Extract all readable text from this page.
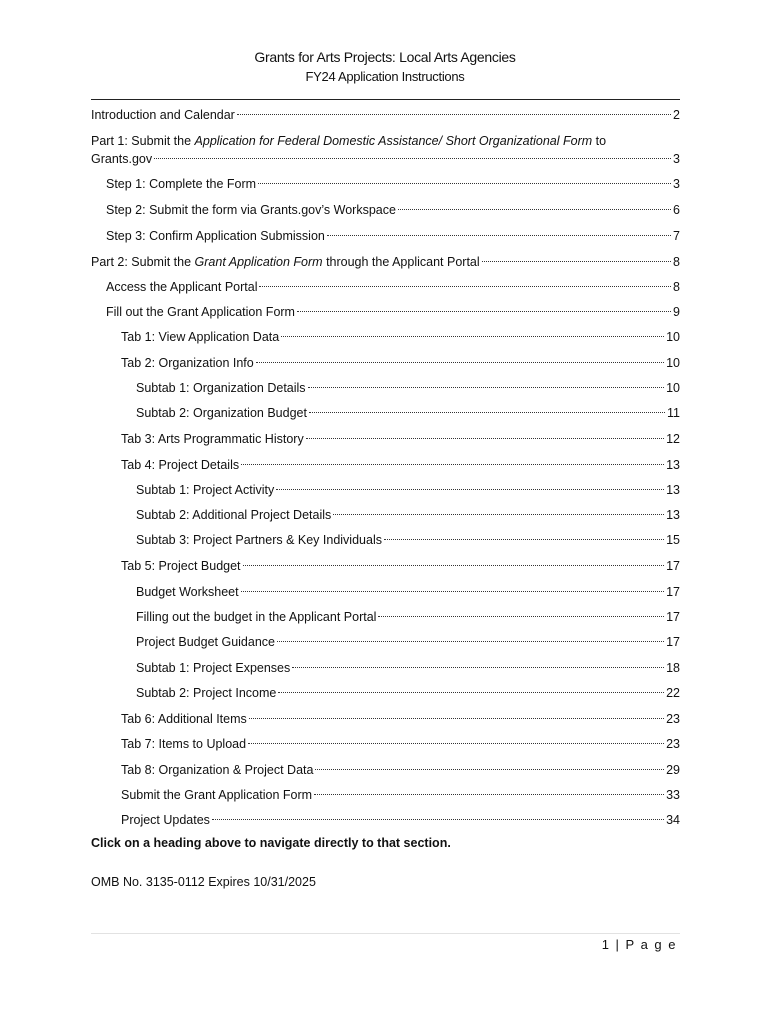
Grants for Arts Projects: Local Arts Agencies
FY24 Application Instructions
Introduction and Calendar	2
Part 1: Submit the Application for Federal Domestic Assistance/ Short Organizational Form to
Grants.gov	3
Step 1: Complete the Form	3
Step 2: Submit the form via Grants.gov’s Workspace	6
Step 3: Confirm Application Submission	7
Part 2: Submit the Grant Application Form through the Applicant Portal	8
Access the Applicant Portal	8
Fill out the Grant Application Form	9
Tab 1: View Application Data	10
Tab 2: Organization Info	10
Subtab 1: Organization Details	10
Subtab 2: Organization Budget	11
Tab 3: Arts Programmatic History	12
Tab 4: Project Details	13
Subtab 1: Project Activity	13
Subtab 2: Additional Project Details	13
Subtab 3: Project Partners & Key Individuals	15
Tab 5: Project Budget	17
Budget Worksheet	17
Filling out the budget in the Applicant Portal	17
Project Budget Guidance	17
Subtab 1: Project Expenses	18
Subtab 2: Project Income	22
Tab 6: Additional Items	23
Tab 7: Items to Upload	23
Tab 8: Organization & Project Data	29
Submit the Grant Application Form	33
Project Updates	34
Click on a heading above to navigate directly to that section.
OMB No. 3135-0112 Expires 10/31/2025
1 | P a g e
